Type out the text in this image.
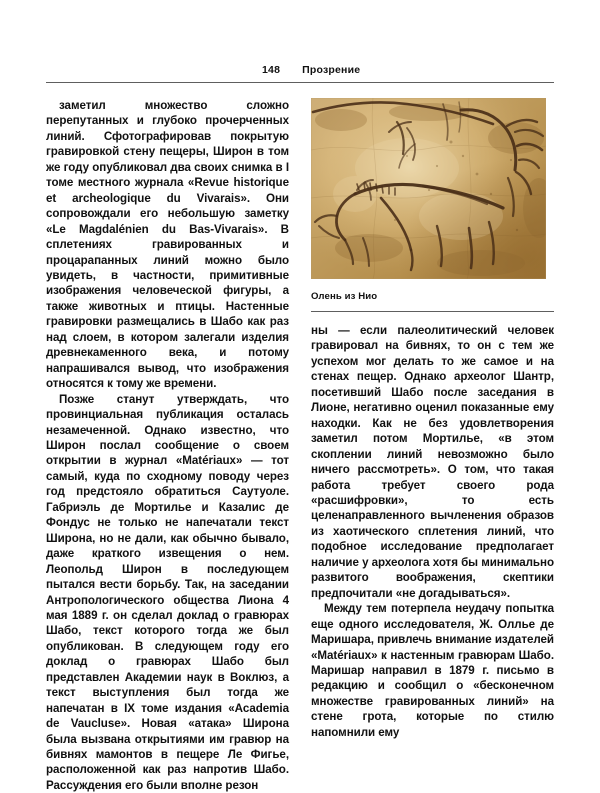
148 Прозрение

заметил множество сложно перепутанных и глубоко прочерченных линий. Сфотографировав покрытую гравировкой стену пещеры, Широн в том же году опубликовал два своих снимка в I томе местного журнала «Revue historique et archeologique du Vivarais». Они сопровождали его небольшую заметку «Le Magdalénien du Bas-Vivarais». В сплетениях гравированных и процарапанных линий можно было увидеть, в частности, примитивные изображения человеческой фигуры, а также животных и птицы. Настенные гравировки размещались в Шабо как раз над слоем, в котором залегали изделия древнекаменного века, и потому напрашивался вывод, что изображения относятся к тому же времени.

Позже станут утверждать, что провинциальная публикация осталась незамеченной. Однако известно, что Широн послал сообщение о своем открытии в журнал «Matériaux» — тот самый, куда по сходному поводу через год предстояло обратиться Саутуоле. Габриэль де Мортилье и Казалис де Фондус не только не напечатали текст Широна, но не дали, как обычно бывало, даже краткого извещения о нем. Леопольд Широн в последующем пытался вести борьбу. Так, на заседании Антропологического общества Лиона 4 мая 1889 г. он сделал доклад о гравюрах Шабо, текст которого тогда же был опубликован. В следующем году его доклад о гравюрах Шабо был представлен Академии наук в Воклюз, а текст выступления был тогда же напечатан в IX томе издания «Academia de Vaucluse». Новая «атака» Широна была вызвана открытиями им гравюр на бивнях мамонтов в пещере Ле Фигье, расположенной как раз напротив Шабо. Рассуждения его были вполне резон

Олень из Нио

ны — если палеолитический человек гравировал на бивнях, то он с тем же успехом мог делать то же самое и на стенах пещер. Однако археолог Шантр, посетивший Шабо после заседания в Лионе, негативно оценил показанные ему находки. Как не без удовлетворения заметил потом Мортилье, «в этом скоплении линий невозможно было ничего рассмотреть». О том, что такая работа требует своего рода «расшифровки», то есть целенаправленного вычленения образов из хаотического сплетения линий, что подобное исследование предполагает наличие у археолога хотя бы минимально развитого воображения, скептики предпочитали «не догадываться».

Между тем потерпела неудачу попытка еще одного исследователя, Ж. Оллье де Маришара, привлечь внимание издателей «Matériaux» к настенным гравюрам Шабо. Маришар направил в 1879 г. письмо в редакцию и сообщил о «бесконечном множестве гравированных линий» на стене грота, которые по стилю напомнили ему
